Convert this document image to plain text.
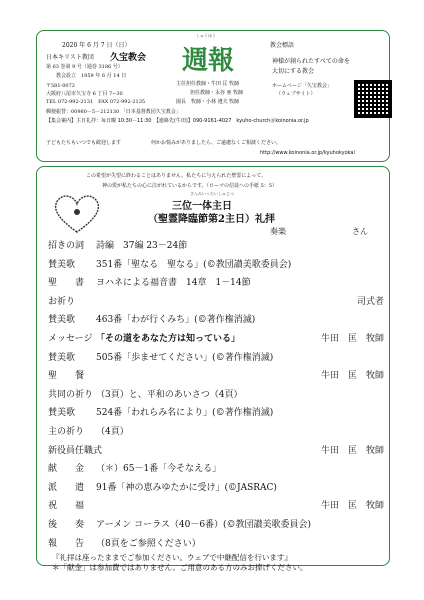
2020 年 6 月 7 日（日）
日本キリスト教団 久宝教会
第 63 巻第 9 号（通巻 3186 号）
教会設立　1959 年 6 月 14 日
〒581-0072
大阪府八尾市久宝寺 6 丁目 7−30
TEL 072-992-2131　FAX 072-992-2135
郵便振替：00980－5－212130 「日本基督教団久宝教会」
しゅうほう
週報
主任担任教師・牛田 匡 牧師
担任教師・永谷 亜 牧師
園長　牧師・小林 遵夫 牧師
教会標語
神様が創られたすべての命を
大切にする教会
ホームページ「久宝教会」
（ウェブサイト）
【集会案内】主日礼拝：毎日曜 10:30－11:30　【連絡先(牛田)】090-9161-4027　kyuho-church＠koinonia.or.jp
子どもたちもいつでも歓迎します　　　　　　何かお悩みがありましたら、ご遠慮なくご相談ください。
http://www.koinonia.or.jp/kyuhokyokai
この希望が失望に終わることはありません。私たちに与えられた聖霊によって、
神の愛が私たちの心に注がれているからです。（ローマの信徒への手紙 5：5）
さんみいったいしゅじつ
三位一体主日
（聖霊降臨節第2主日）礼拝
奏楽	さん
招きの詞 詩編　37編 23－24節
賛美歌 351番「聖なる　聖なる」(©教団讃美歌委員会)
聖　　書 ヨハネによる福音書　14章　1－14節
お祈り	司式者
賛美歌 463番「わが行くみち」(©著作権消滅)
メッセージ 「その道をあなた方は知っている」	牛田　匡　牧師
賛美歌 505番「歩ませてください」(©著作権消滅)
聖　　餐	牛田　匡　牧師
共同の祈り （3頁）と、平和のあいさつ（4頁）
賛美歌 524番「われらみ名により」(©著作権消滅)
主の祈り （4頁）
新役員任職式	牛田　匡　牧師
献　　金 （＊）65－1番「今そなえる」
派　　遣 91番「神の恵みゆたかに受け」(©JASRAC)
祝　　福	牛田　匡　牧師
後　　奏 アーメン コーラス（40－6番）(©教団讃美歌委員会)
報　　告 （8頁をご参照ください）
『礼拝は座ったままでご参加ください。ウェブで中継配信を行います』
＊「献金」は参加費ではありません。ご用意のある方のみお捧げください。
